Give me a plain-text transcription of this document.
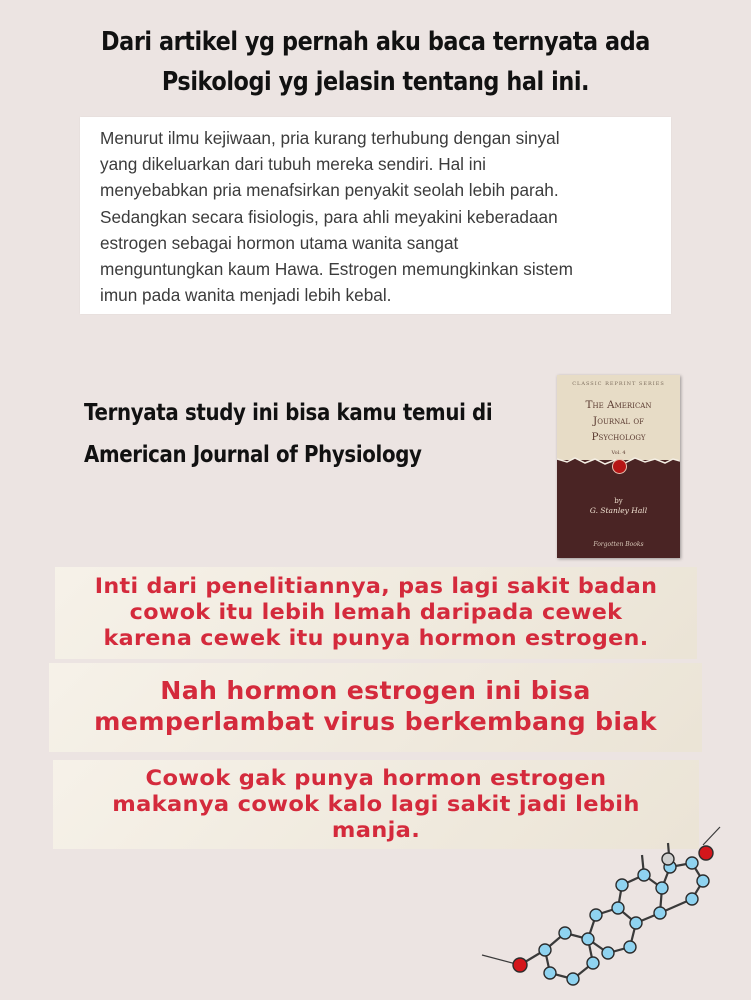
Dari artikel yg pernah aku baca ternyata ada
Psikologi yg jelasin tentang hal ini.
Menurut ilmu kejiwaan, pria kurang terhubung dengan sinyal
yang dikeluarkan dari tubuh mereka sendiri. Hal ini
menyebabkan pria menafsirkan penyakit seolah lebih parah.
Sedangkan secara fisiologis, para ahli meyakini keberadaan
estrogen sebagai hormon utama wanita sangat
menguntungkan kaum Hawa. Estrogen memungkinkan sistem
imun pada wanita menjadi lebih kebal.
Ternyata study ini bisa kamu temui di
American Journal of Physiology
CLASSIC REPRINT SERIES
The American
Journal of
Psychology
Vol. 4
by
G. Stanley Hall
Forgotten Books
Inti dari penelitiannya, pas lagi sakit badan
cowok itu lebih lemah daripada cewek
karena cewek itu punya hormon estrogen.
Nah hormon estrogen ini bisa
memperlambat virus berkembang biak
Cowok gak punya hormon estrogen
makanya cowok kalo lagi sakit jadi lebih
manja.
